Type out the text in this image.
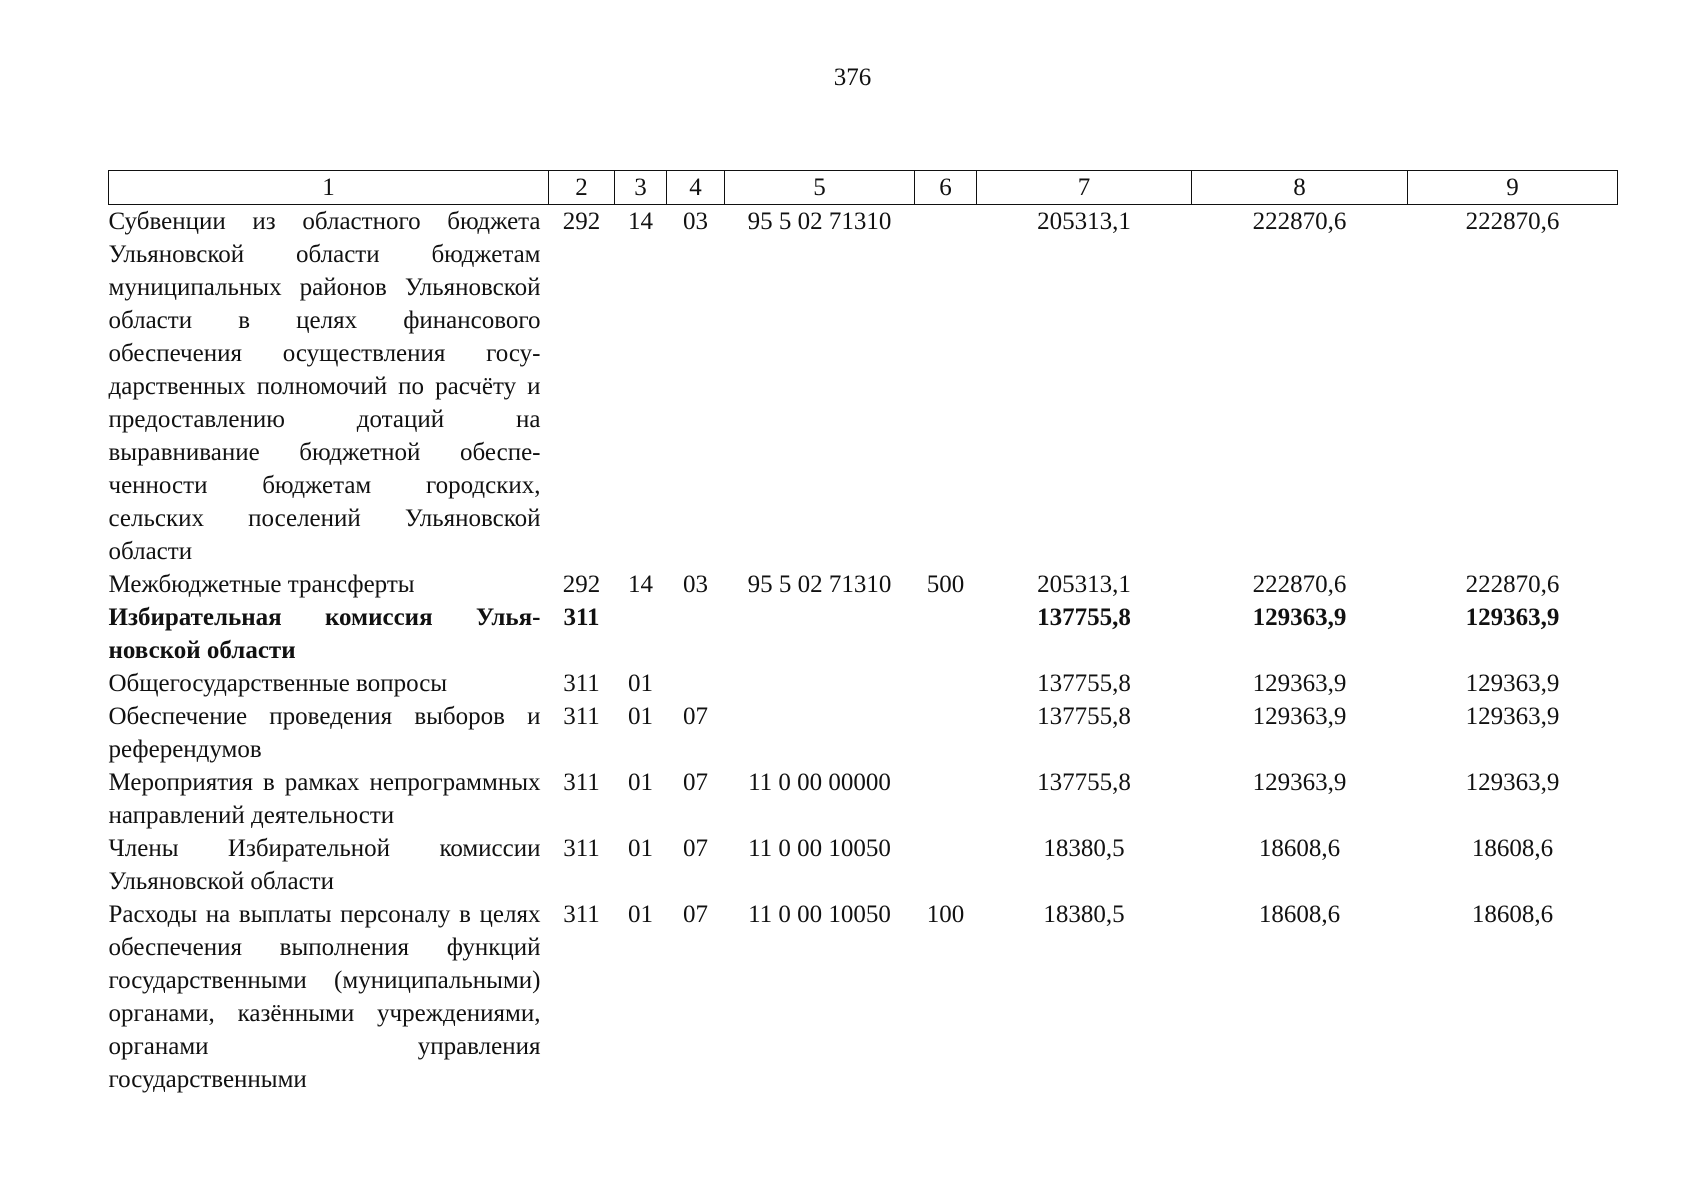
376
1	2	3	4	5	6	7	8	9
Субвенции из областного бюджета Ульяновской области бюджетам муниципальных районов Ульяновской области в целях финансового обеспечения осуществления государственных полномочий по расчёту и предоставлению дотаций на выравнивание бюджетной обеспеченности бюджетам городских, сельских поселений Ульяновской области	292	14	03	95 5 02 71310		205313,1	222870,6	222870,6
Межбюджетные трансферты	292	14	03	95 5 02 71310	500	205313,1	222870,6	222870,6
Избирательная комиссия Ульяновской области	311					137755,8	129363,9	129363,9
Общегосударственные вопросы	311	01				137755,8	129363,9	129363,9
Обеспечение проведения выборов и референдумов	311	01	07			137755,8	129363,9	129363,9
Мероприятия в рамках непрограммных направлений деятельности	311	01	07	11 0 00 00000		137755,8	129363,9	129363,9
Члены Избирательной комиссии Ульяновской области	311	01	07	11 0 00 10050		18380,5	18608,6	18608,6
Расходы на выплаты персоналу в целях обеспечения выполнения функций государственными (муниципальными) органами, казёнными учреждениями, органами управления государственными	311	01	07	11 0 00 10050	100	18380,5	18608,6	18608,6
